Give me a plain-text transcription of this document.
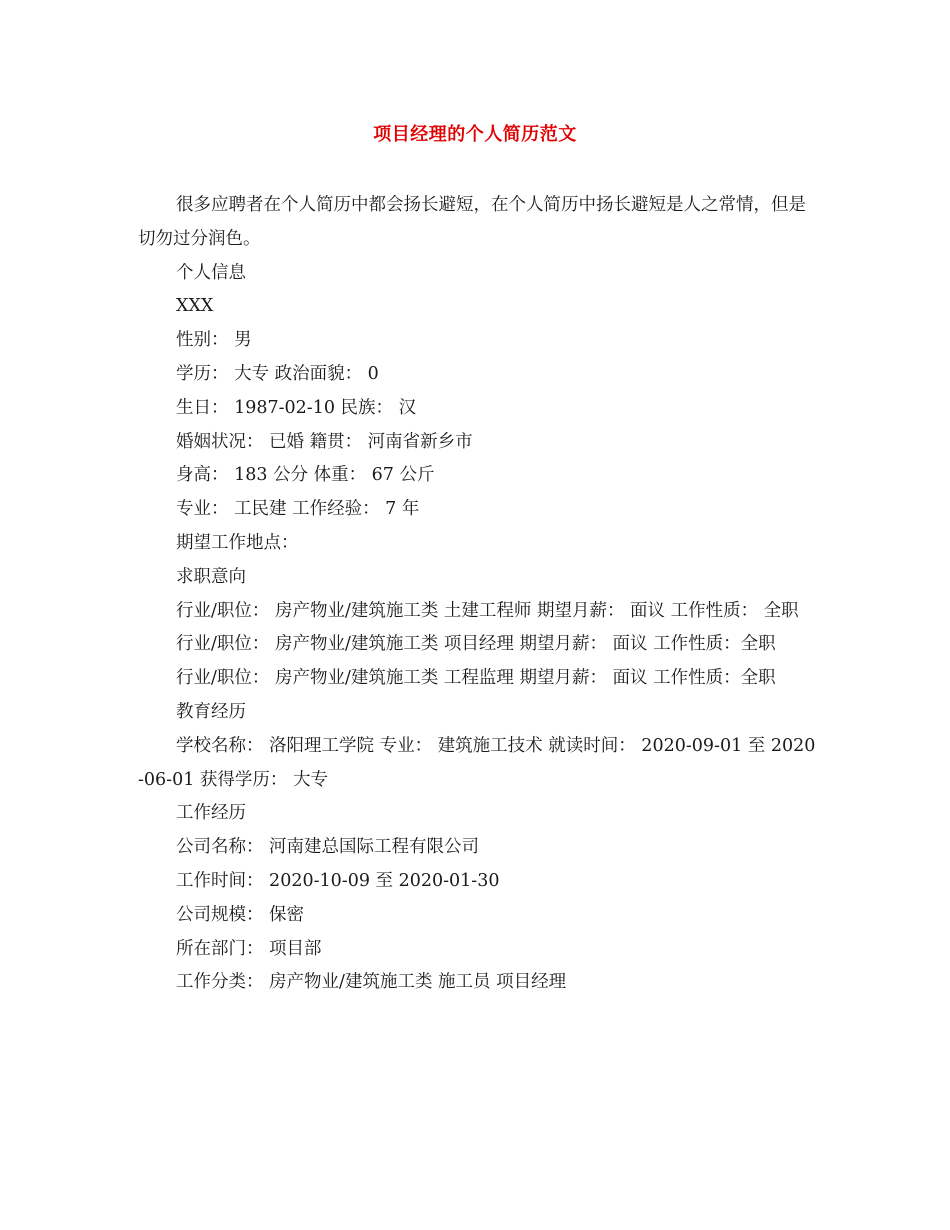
项目经理的个人简历范文

很多应聘者在个人简历中都会扬长避短，在个人简历中扬长避短是人之常情，但是切勿过分润色。

个人信息

XXX

性别： 男

学历： 大专 政治面貌： 0

生日： 1987-02-10 民族： 汉

婚姻状况： 已婚 籍贯： 河南省新乡市

身高： 183 公分 体重： 67 公斤

专业： 工民建 工作经验： 7 年

期望工作地点：

求职意向

行业/职位： 房产物业/建筑施工类 土建工程师 期望月薪： 面议 工作性质： 全职

行业/职位： 房产物业/建筑施工类 项目经理 期望月薪： 面议 工作性质：全职

行业/职位： 房产物业/建筑施工类 工程监理 期望月薪： 面议 工作性质：全职

教育经历

学校名称： 洛阳理工学院 专业： 建筑施工技术 就读时间： 2020-09-01 至 2020-06-01 获得学历： 大专

工作经历

公司名称： 河南建总国际工程有限公司

工作时间： 2020-10-09 至 2020-01-30

公司规模： 保密

所在部门： 项目部

工作分类： 房产物业/建筑施工类 施工员 项目经理
